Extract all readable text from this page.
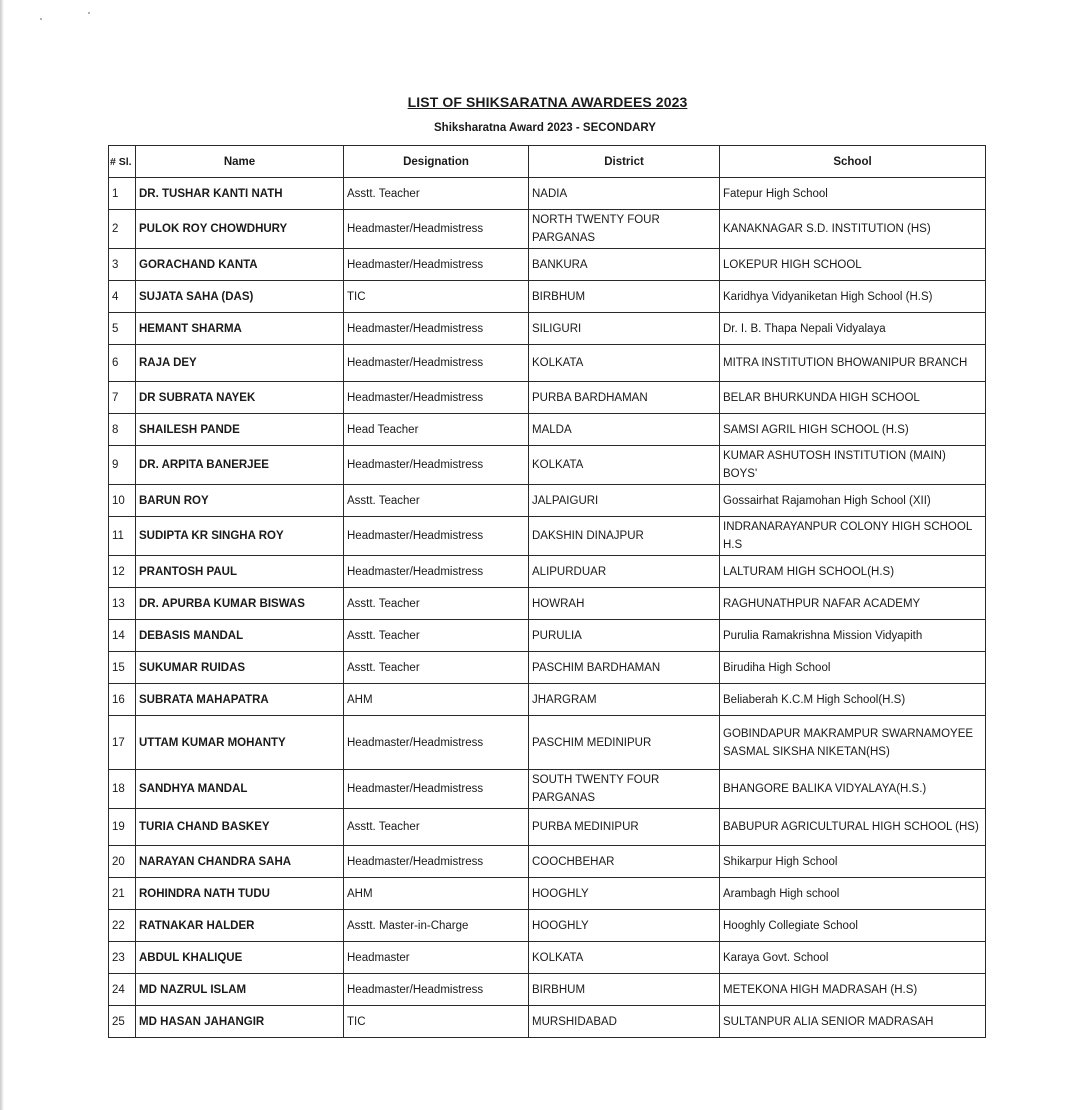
LIST OF SHIKSARATNA AWARDEES 2023
Shiksharatna Award 2023 - SECONDARY
# Sl.	Name	Designation	District	School
1	DR. TUSHAR KANTI NATH	Asstt. Teacher	NADIA	Fatepur High School
2	PULOK ROY CHOWDHURY	Headmaster/Headmistress	NORTH TWENTY FOUR PARGANAS	KANAKNAGAR S.D. INSTITUTION (HS)
3	GORACHAND KANTA	Headmaster/Headmistress	BANKURA	LOKEPUR HIGH SCHOOL
4	SUJATA SAHA (DAS)	TIC	BIRBHUM	Karidhya Vidyaniketan High School (H.S)
5	HEMANT SHARMA	Headmaster/Headmistress	SILIGURI	Dr. I. B. Thapa Nepali Vidyalaya
6	RAJA DEY	Headmaster/Headmistress	KOLKATA	MITRA INSTITUTION BHOWANIPUR BRANCH
7	DR SUBRATA NAYEK	Headmaster/Headmistress	PURBA BARDHAMAN	BELAR BHURKUNDA HIGH SCHOOL
8	SHAILESH PANDE	Head Teacher	MALDA	SAMSI AGRIL HIGH SCHOOL (H.S)
9	DR. ARPITA BANERJEE	Headmaster/Headmistress	KOLKATA	KUMAR ASHUTOSH INSTITUTION (MAIN) BOYS'
10	BARUN ROY	Asstt. Teacher	JALPAIGURI	Gossairhat Rajamohan High School (XII)
11	SUDIPTA KR SINGHA ROY	Headmaster/Headmistress	DAKSHIN DINAJPUR	INDRANARAYANPUR COLONY HIGH SCHOOL H.S
12	PRANTOSH PAUL	Headmaster/Headmistress	ALIPURDUAR	LALTURAM HIGH SCHOOL(H.S)
13	DR. APURBA KUMAR BISWAS	Asstt. Teacher	HOWRAH	RAGHUNATHPUR NAFAR ACADEMY
14	DEBASIS MANDAL	Asstt. Teacher	PURULIA	Purulia Ramakrishna Mission Vidyapith
15	SUKUMAR RUIDAS	Asstt. Teacher	PASCHIM BARDHAMAN	Birudiha High School
16	SUBRATA MAHAPATRA	AHM	JHARGRAM	Beliaberah K.C.M High School(H.S)
17	UTTAM KUMAR MOHANTY	Headmaster/Headmistress	PASCHIM MEDINIPUR	GOBINDAPUR MAKRAMPUR SWARNAMOYEE SASMAL SIKSHA NIKETAN(HS)
18	SANDHYA MANDAL	Headmaster/Headmistress	SOUTH TWENTY FOUR PARGANAS	BHANGORE BALIKA VIDYALAYA(H.S.)
19	TURIA CHAND BASKEY	Asstt. Teacher	PURBA MEDINIPUR	BABUPUR AGRICULTURAL HIGH SCHOOL (HS)
20	NARAYAN CHANDRA SAHA	Headmaster/Headmistress	COOCHBEHAR	Shikarpur High School
21	ROHINDRA NATH TUDU	AHM	HOOGHLY	Arambagh High school
22	RATNAKAR HALDER	Asstt. Master-in-Charge	HOOGHLY	Hooghly Collegiate School
23	ABDUL KHALIQUE	Headmaster	KOLKATA	Karaya Govt. School
24	MD NAZRUL ISLAM	Headmaster/Headmistress	BIRBHUM	METEKONA HIGH MADRASAH (H.S)
25	MD HASAN JAHANGIR	TIC	MURSHIDABAD	SULTANPUR ALIA SENIOR MADRASAH
